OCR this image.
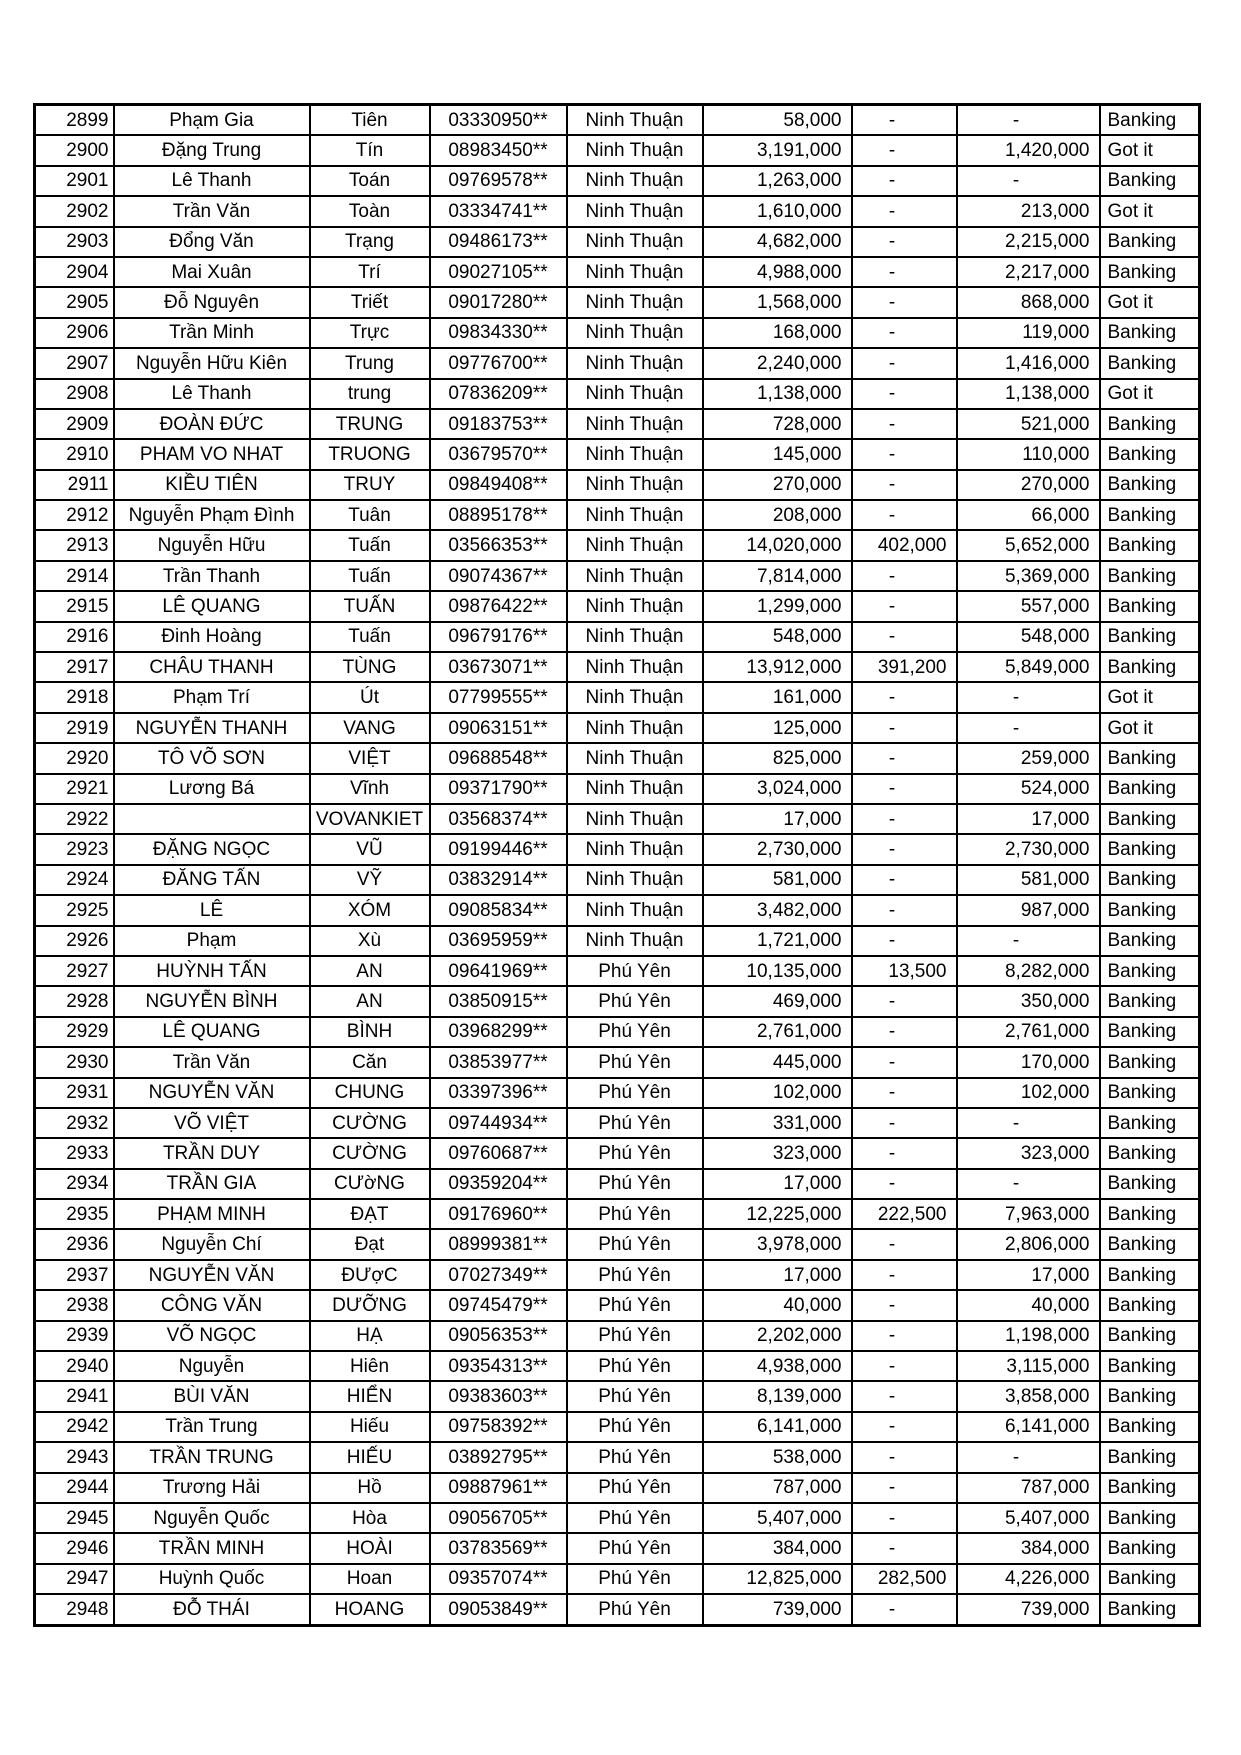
2899	Phạm Gia	Tiên	03330950**	Ninh Thuận	58,000	-	-	Banking
2900	Đặng Trung	Tín	08983450**	Ninh Thuận	3,191,000	-	1,420,000	Got it
2901	Lê Thanh	Toán	09769578**	Ninh Thuận	1,263,000	-	-	Banking
2902	Trần Văn	Toàn	03334741**	Ninh Thuận	1,610,000	-	213,000	Got it
2903	Đổng Văn	Trạng	09486173**	Ninh Thuận	4,682,000	-	2,215,000	Banking
2904	Mai Xuân	Trí	09027105**	Ninh Thuận	4,988,000	-	2,217,000	Banking
2905	Đỗ Nguyên	Triết	09017280**	Ninh Thuận	1,568,000	-	868,000	Got it
2906	Trần Minh	Trực	09834330**	Ninh Thuận	168,000	-	119,000	Banking
2907	Nguyễn Hữu Kiên	Trung	09776700**	Ninh Thuận	2,240,000	-	1,416,000	Banking
2908	Lê Thanh	trung	07836209**	Ninh Thuận	1,138,000	-	1,138,000	Got it
2909	ĐOÀN ĐỨC	TRUNG	09183753**	Ninh Thuận	728,000	-	521,000	Banking
2910	PHAM VO NHAT	TRUONG	03679570**	Ninh Thuận	145,000	-	110,000	Banking
2911	KIỀU TIÊN	TRUY	09849408**	Ninh Thuận	270,000	-	270,000	Banking
2912	Nguyễn Phạm Đình	Tuân	08895178**	Ninh Thuận	208,000	-	66,000	Banking
2913	Nguyễn Hữu	Tuấn	03566353**	Ninh Thuận	14,020,000	402,000	5,652,000	Banking
2914	Trần Thanh	Tuấn	09074367**	Ninh Thuận	7,814,000	-	5,369,000	Banking
2915	LÊ QUANG	TUẤN	09876422**	Ninh Thuận	1,299,000	-	557,000	Banking
2916	Đinh Hoàng	Tuấn	09679176**	Ninh Thuận	548,000	-	548,000	Banking
2917	CHÂU THANH	TÙNG	03673071**	Ninh Thuận	13,912,000	391,200	5,849,000	Banking
2918	Phạm Trí	Út	07799555**	Ninh Thuận	161,000	-	-	Got it
2919	NGUYỄN THANH	VANG	09063151**	Ninh Thuận	125,000	-	-	Got it
2920	TÔ VÕ SƠN	VIỆT	09688548**	Ninh Thuận	825,000	-	259,000	Banking
2921	Lương Bá	Vĩnh	09371790**	Ninh Thuận	3,024,000	-	524,000	Banking
2922		VOVANKIET	03568374**	Ninh Thuận	17,000	-	17,000	Banking
2923	ĐẶNG NGỌC	VŨ	09199446**	Ninh Thuận	2,730,000	-	2,730,000	Banking
2924	ĐĂNG TẤN	VỸ	03832914**	Ninh Thuận	581,000	-	581,000	Banking
2925	LÊ	XÓM	09085834**	Ninh Thuận	3,482,000	-	987,000	Banking
2926	Phạm	Xù	03695959**	Ninh Thuận	1,721,000	-	-	Banking
2927	HUỲNH TẤN	AN	09641969**	Phú Yên	10,135,000	13,500	8,282,000	Banking
2928	NGUYỄN BÌNH	AN	03850915**	Phú Yên	469,000	-	350,000	Banking
2929	LÊ QUANG	BÌNH	03968299**	Phú Yên	2,761,000	-	2,761,000	Banking
2930	Trần Văn	Căn	03853977**	Phú Yên	445,000	-	170,000	Banking
2931	NGUYỄN VĂN	CHUNG	03397396**	Phú Yên	102,000	-	102,000	Banking
2932	VÕ VIỆT	CƯỜNG	09744934**	Phú Yên	331,000	-	-	Banking
2933	TRẦN DUY	CƯỜNG	09760687**	Phú Yên	323,000	-	323,000	Banking
2934	TRẦN GIA	CƯờNG	09359204**	Phú Yên	17,000	-	-	Banking
2935	PHẠM MINH	ĐẠT	09176960**	Phú Yên	12,225,000	222,500	7,963,000	Banking
2936	Nguyễn Chí	Đạt	08999381**	Phú Yên	3,978,000	-	2,806,000	Banking
2937	NGUYỄN VĂN	ĐƯợC	07027349**	Phú Yên	17,000	-	17,000	Banking
2938	CÔNG VĂN	DƯỠNG	09745479**	Phú Yên	40,000	-	40,000	Banking
2939	VÕ NGỌC	HẠ	09056353**	Phú Yên	2,202,000	-	1,198,000	Banking
2940	Nguyễn	Hiên	09354313**	Phú Yên	4,938,000	-	3,115,000	Banking
2941	BÙI VĂN	HIỂN	09383603**	Phú Yên	8,139,000	-	3,858,000	Banking
2942	Trần Trung	Hiếu	09758392**	Phú Yên	6,141,000	-	6,141,000	Banking
2943	TRẦN TRUNG	HIẾU	03892795**	Phú Yên	538,000	-	-	Banking
2944	Trương Hải	Hồ	09887961**	Phú Yên	787,000	-	787,000	Banking
2945	Nguyễn Quốc	Hòa	09056705**	Phú Yên	5,407,000	-	5,407,000	Banking
2946	TRẦN MINH	HOÀI	03783569**	Phú Yên	384,000	-	384,000	Banking
2947	Huỳnh Quốc	Hoan	09357074**	Phú Yên	12,825,000	282,500	4,226,000	Banking
2948	ĐỖ THÁI	HOANG	09053849**	Phú Yên	739,000	-	739,000	Banking
